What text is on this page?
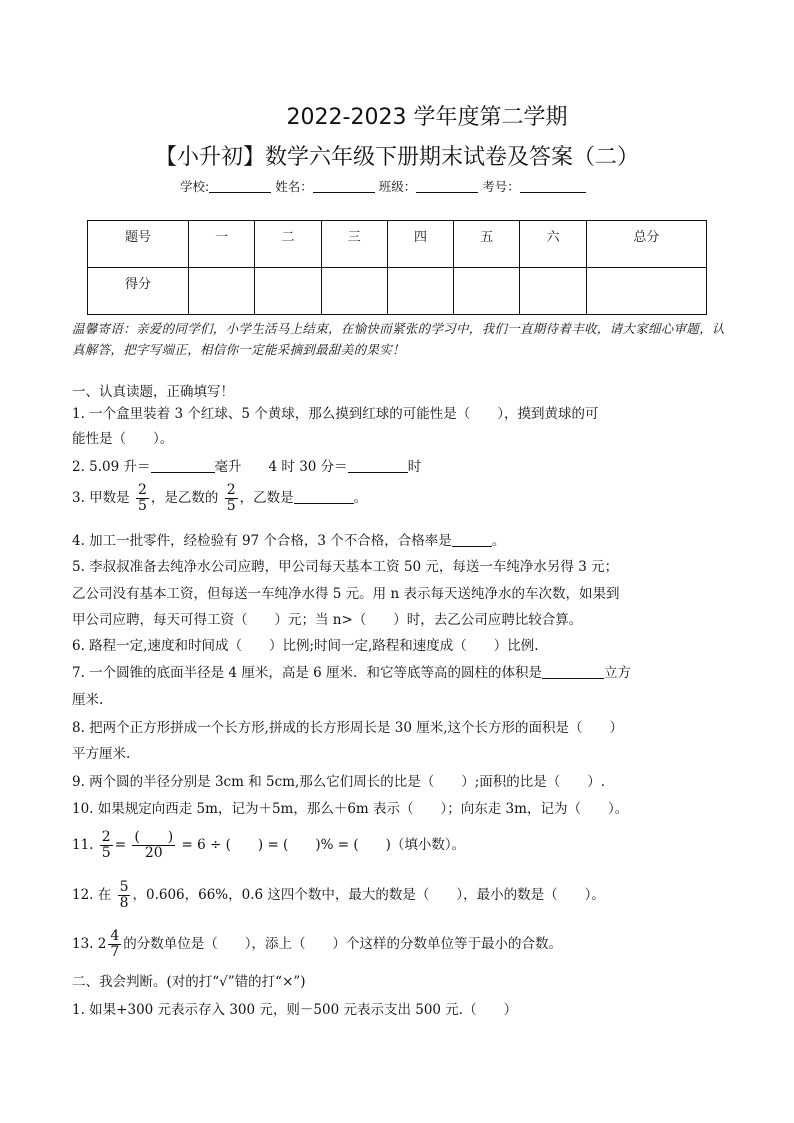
2022-2023 学年度第二学期
【小升初】数学六年级下册期末试卷及答案（二）
学校:	姓名：	班级：	考号：
题号	一	二	三	四	五	六	总分
得分							
温馨寄语：亲爱的同学们，小学生活马上结束，在愉快而紧张的学习中，我们一直期待着丰收，请大家细心审题，认真解答，把字写端正，相信你一定能采摘到最甜美的果实！
一、认真读题，正确填写！
1. 一个盒里装着 3 个红球、5 个黄球，那么摸到红球的可能性是（　　），摸到黄球的可
能性是（　　）。
2. 5.09 升＝	毫升　　4 时 30 分＝	时
3. 甲数是 $\frac{2}{5}$ ，是乙数的 $\frac{2}{5}$ ，乙数是	。
4. 加工一批零件，经检验有 97 个合格，3 个不合格，合格率是	。
5. 李叔叔准备去纯净水公司应聘，甲公司每天基本工资 50 元，每送一车纯净水另得 3 元；
乙公司没有基本工资，但每送一车纯净水得 5 元。用 n 表示每天送纯净水的车次数，如果到
甲公司应聘，每天可得工资（　　）元；当 n>（　　）时，去乙公司应聘比较合算。
6. 路程一定,速度和时间成（　　）比例;时间一定,路程和速度成（　　）比例.
7. 一个圆锥的底面半径是 4 厘米，高是 6 厘米．和它等底等高的圆柱的体积是	立方
厘米.
8. 把两个正方形拼成一个长方形,拼成的长方形周长是 30 厘米,这个长方形的面积是（　　）
平方厘米.
9. 两个圆的半径分别是 3cm 和 5cm,那么它们周长的比是（　　）;面积的比是（　　）.
10. 如果规定向西走 5m，记为＋5m，那么＋6m 表示（　　）；向东走 3m，记为（　　）。
11. $\frac{2}{5} = \frac{( )}{20} = 6$ ÷ (　　) = (　　)% = (　　)（填小数）。
12. 在 $\frac{5}{8}$ ，0.606，66%，0.6̇ 这四个数中，最大的数是（　　），最小的数是（　　）。
13. $2 \frac{4}{7}$ 的分数单位是（　　），添上（　　）个这样的分数单位等于最小的合数。
二、我会判断。(对的打“√”错的打“×”)
1. 如果+300 元表示存入 300 元，则－500 元表示支出 500 元.（　　）
